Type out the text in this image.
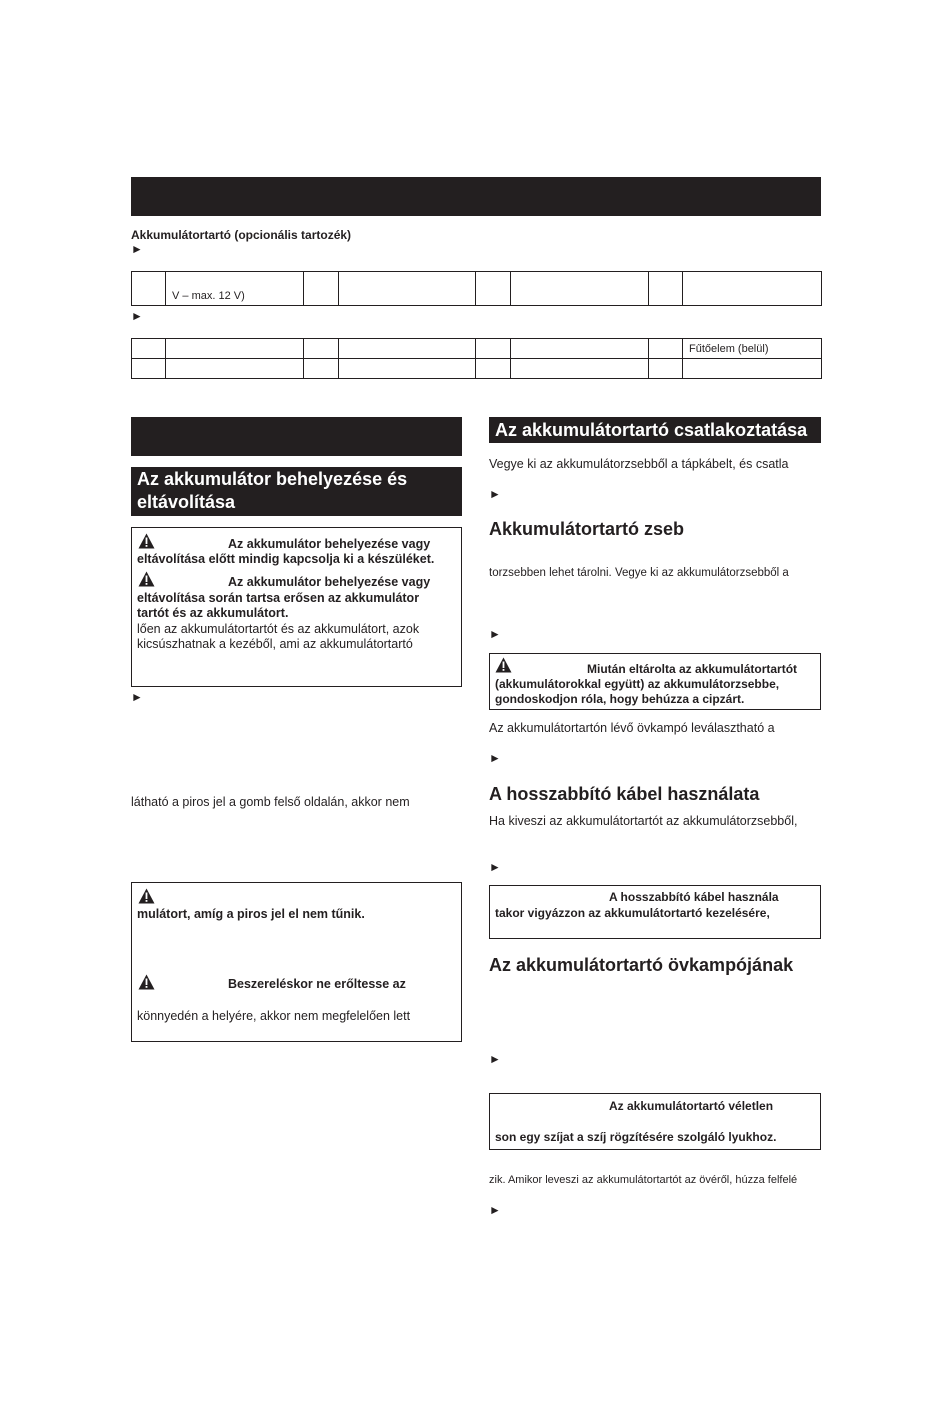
Akkumulátortartó (opcionális tartozék)
►
	V – max. 12 V)						
►
							Fűtőelem (belül)

Az akkumulátor behelyezése és
eltávolítása
Az akkumulátor behelyezése vagy
eltávolítása előtt mindig kapcsolja ki a készüléket.
Az akkumulátor behelyezése vagy
eltávolítása során tartsa erősen az akkumulátor
tartót és az akkumulátort.
lően az akkumulátortartót és az akkumulátort, azok
kicsúszhatnak a kezéből, ami az akkumulátortartó
►
látható a piros jel a gomb felső oldalán, akkor nem
mulátort, amíg a piros jel el nem tűnik.
Beszereléskor ne erőltesse az
könnyedén a helyére, akkor nem megfelelően lett
Az akkumulátortartó csatlakoztatása
Vegye ki az akkumulátorzsebből a tápkábelt, és csatla
►
Akkumulátortartó zseb
torzsebben lehet tárolni. Vegye ki az akkumulátorzsebből a
►
Miután eltárolta az akkumulátortartót
(akkumulátorokkal együtt) az akkumulátorzsebbe,
gondoskodjon róla, hogy behúzza a cipzárt.
Az akkumulátortartón lévő övkampó leválasztható a
►
A hosszabbító kábel használata
Ha kiveszi az akkumulátortartót az akkumulátorzsebből,
►
A hosszabbító kábel használa
takor vigyázzon az akkumulátortartó kezelésére,
Az akkumulátortartó övkampójának
►
Az akkumulátortartó véletlen
son egy szíjat a szíj rögzítésére szolgáló lyukhoz.
zik. Amikor leveszi az akkumulátortartót az övéről, húzza felfelé
►
